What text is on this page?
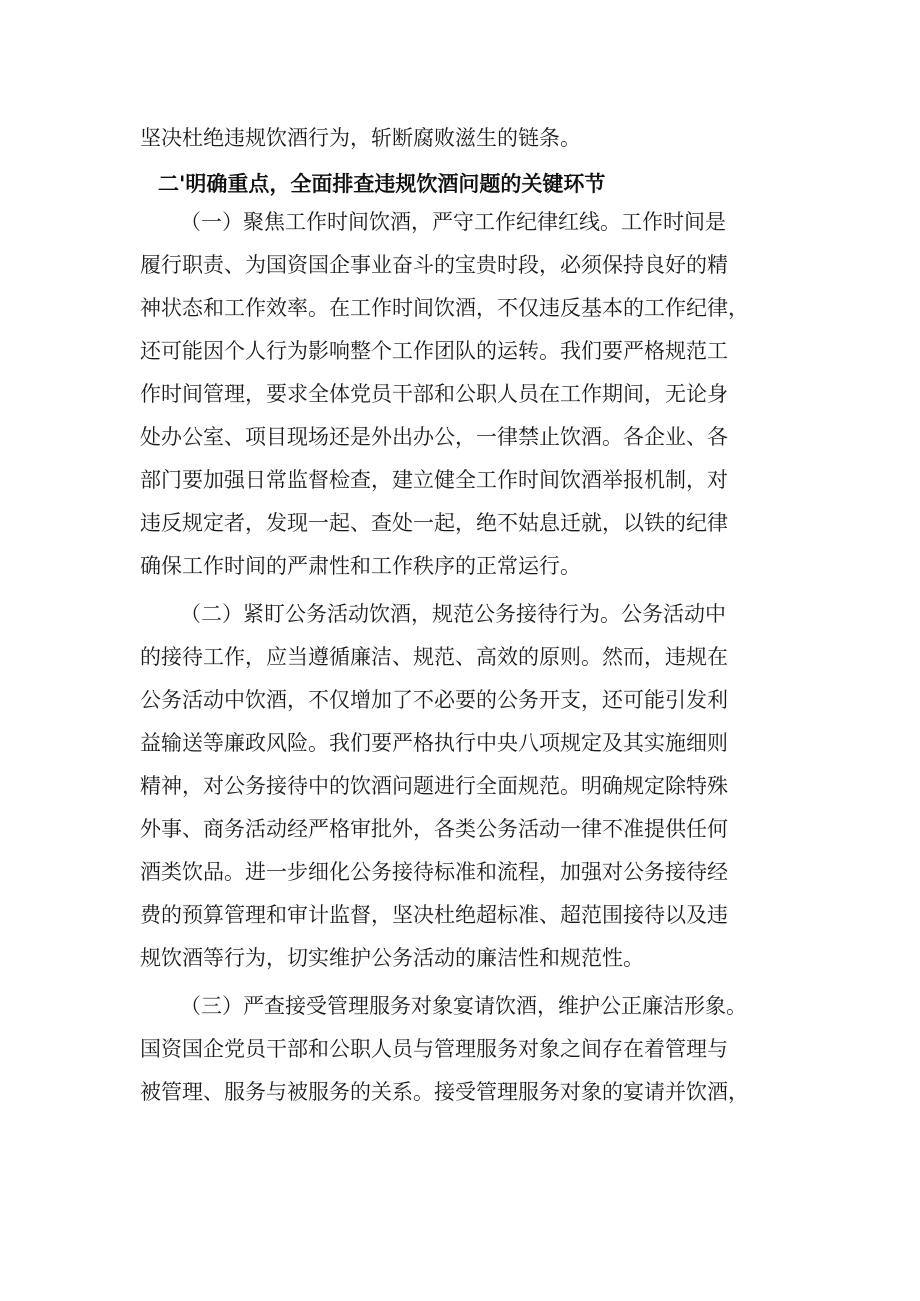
坚决杜绝违规饮酒行为，斩断腐败滋生的链条。
二'明确重点，全面排查违规饮酒问题的关键环节
（一）聚焦工作时间饮酒，严守工作纪律红线。工作时间是
履行职责、为国资国企事业奋斗的宝贵时段，必须保持良好的精
神状态和工作效率。在工作时间饮酒，不仅违反基本的工作纪律，
还可能因个人行为影响整个工作团队的运转。我们要严格规范工
作时间管理，要求全体党员干部和公职人员在工作期间，无论身
处办公室、项目现场还是外出办公，一律禁止饮酒。各企业、各
部门要加强日常监督检查，建立健全工作时间饮酒举报机制，对
违反规定者，发现一起、查处一起，绝不姑息迁就，以铁的纪律
确保工作时间的严肃性和工作秩序的正常运行。
（二）紧盯公务活动饮酒，规范公务接待行为。公务活动中
的接待工作，应当遵循廉洁、规范、高效的原则。然而，违规在
公务活动中饮酒，不仅增加了不必要的公务开支，还可能引发利
益输送等廉政风险。我们要严格执行中央八项规定及其实施细则
精神，对公务接待中的饮酒问题进行全面规范。明确规定除特殊
外事、商务活动经严格审批外，各类公务活动一律不准提供任何
酒类饮品。进一步细化公务接待标准和流程，加强对公务接待经
费的预算管理和审计监督，坚决杜绝超标准、超范围接待以及违
规饮酒等行为，切实维护公务活动的廉洁性和规范性。
（三）严查接受管理服务对象宴请饮酒，维护公正廉洁形象。
国资国企党员干部和公职人员与管理服务对象之间存在着管理与
被管理、服务与被服务的关系。接受管理服务对象的宴请并饮酒，
